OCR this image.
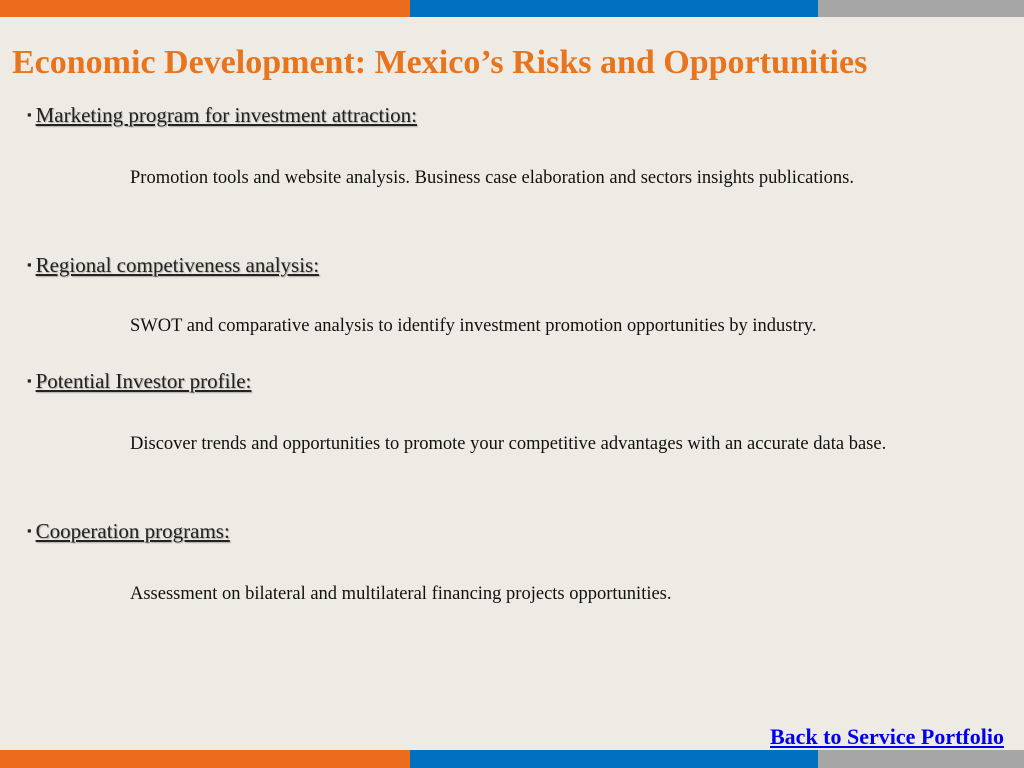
Economic Development: Mexico’s Risks and Opportunities
▪ Marketing program for investment attraction:
Promotion tools and website analysis. Business case elaboration and sectors insights publications.
▪ Regional competiveness analysis:
SWOT and comparative analysis to identify investment promotion opportunities by industry.
▪ Potential Investor profile:
Discover trends and opportunities to promote your competitive advantages with an accurate data base.
▪ Cooperation programs:
Assessment on bilateral and multilateral financing projects opportunities.
Back to Service Portfolio
